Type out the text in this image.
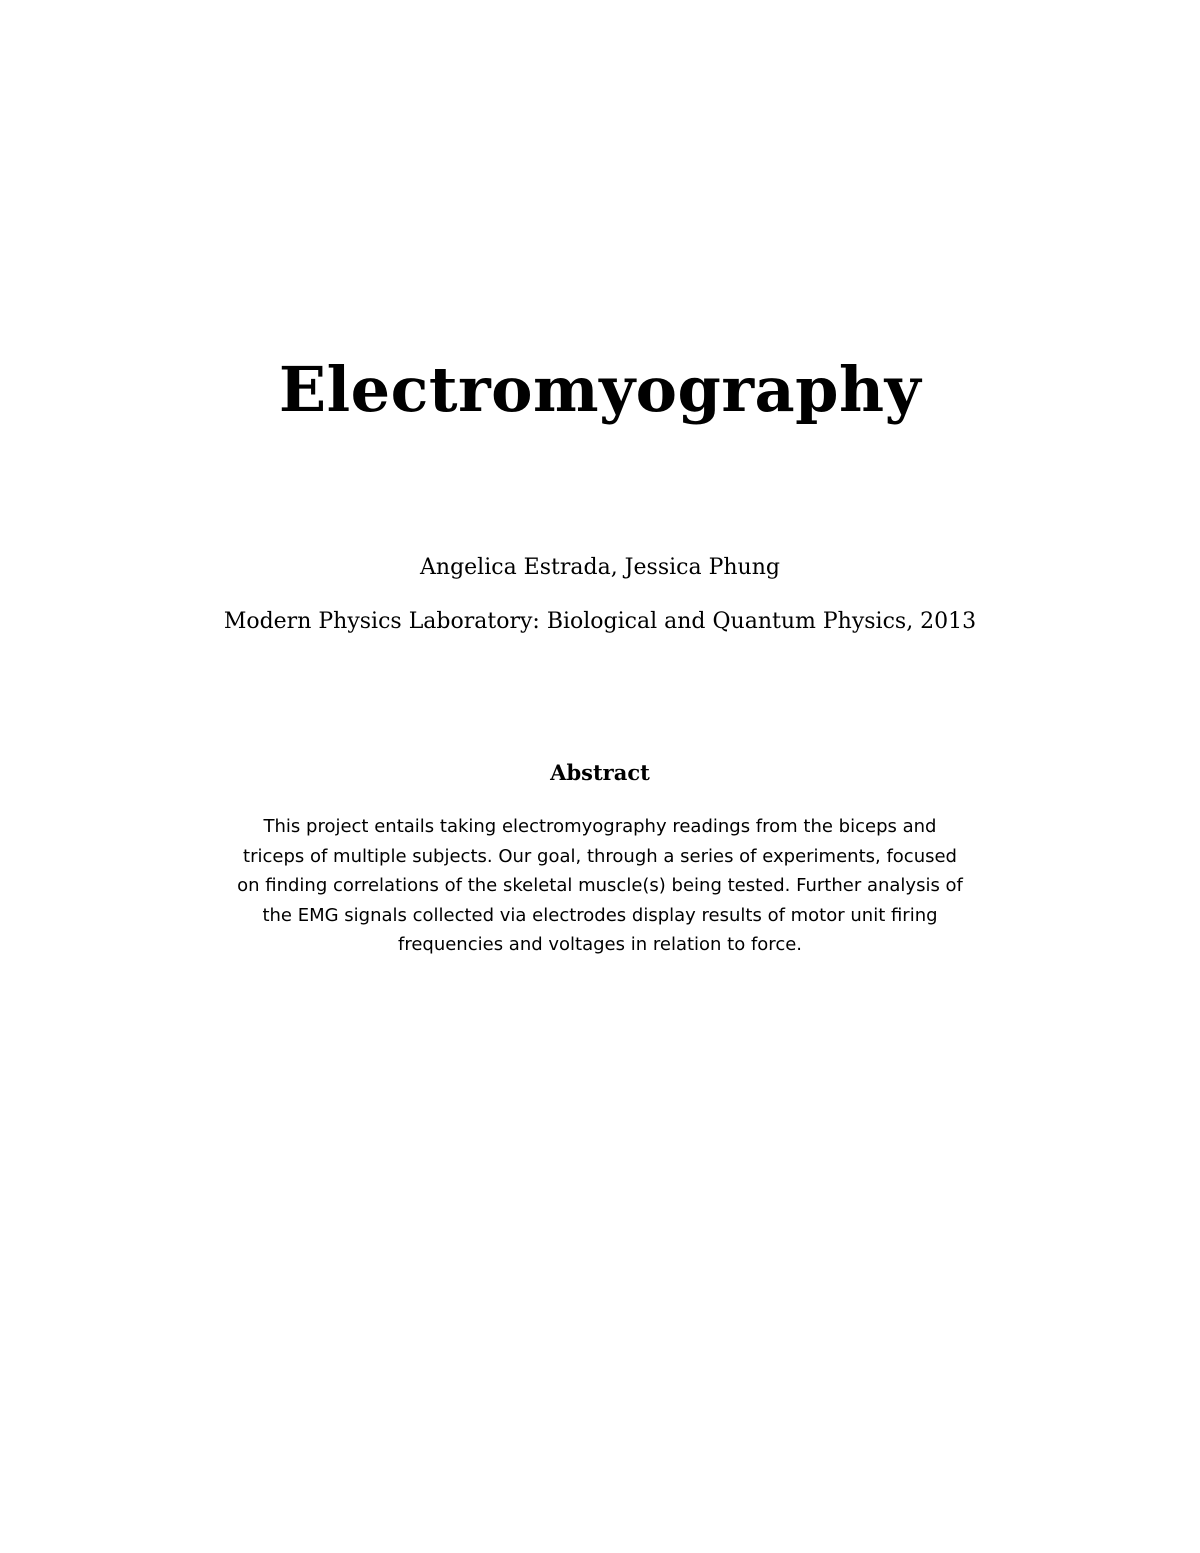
Electromyography

Angelica Estrada, Jessica Phung

Modern Physics Laboratory: Biological and Quantum Physics, 2013

Abstract
This project entails taking electromyography readings from the biceps and
triceps of multiple subjects. Our goal, through a series of experiments, focused
on finding correlations of the skeletal muscle(s) being tested. Further analysis of
the EMG signals collected via electrodes display results of motor unit firing
frequencies and voltages in relation to force.
